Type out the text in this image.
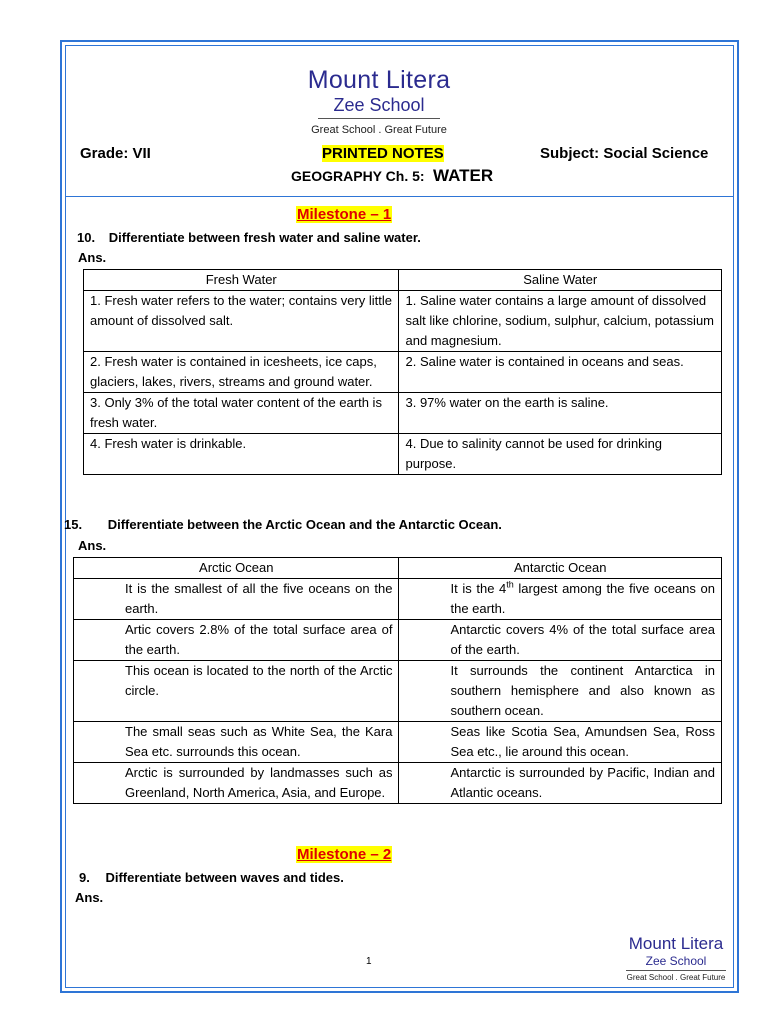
Mount Litera
Zee School
Great School . Great Future
Grade: VII	PRINTED NOTES	Subject: Social Science
GEOGRAPHY Ch. 5: WATER
Milestone – 1
10. Differentiate between fresh water and saline water.
Ans.
Fresh Water	Saline Water
1. Fresh water refers to the water; contains very little amount of dissolved salt.	1. Saline water contains a large amount of dissolved salt like chlorine, sodium, sulphur, calcium, potassium and magnesium.
2. Fresh water is contained in icesheets, ice caps, glaciers, lakes, rivers, streams and ground water.	2. Saline water is contained in oceans and seas.
3. Only 3% of the total water content of the earth is fresh water.	3. 97% water on the earth is saline.
4. Fresh water is drinkable.	4. Due to salinity cannot be used for drinking purpose.
15. Differentiate between the Arctic Ocean and the Antarctic Ocean.
Ans.
Arctic Ocean	Antarctic Ocean
It is the smallest of all the five oceans on the earth.	It is the 4th largest among the five oceans on the earth.
Artic covers 2.8% of the total surface area of the earth.	Antarctic covers 4% of the total surface area of the earth.
This ocean is located to the north of the Arctic circle.	It surrounds the continent Antarctica in southern hemisphere and also known as southern ocean.
The small seas such as White Sea, the Kara Sea etc. surrounds this ocean.	Seas like Scotia Sea, Amundsen Sea, Ross Sea etc., lie around this ocean.
Arctic is surrounded by landmasses such as Greenland, North America, Asia, and Europe.	Antarctic is surrounded by Pacific, Indian and Atlantic oceans.
Milestone – 2
9. Differentiate between waves and tides.
Ans.
1
Mount Litera
Zee School
Great School . Great Future
